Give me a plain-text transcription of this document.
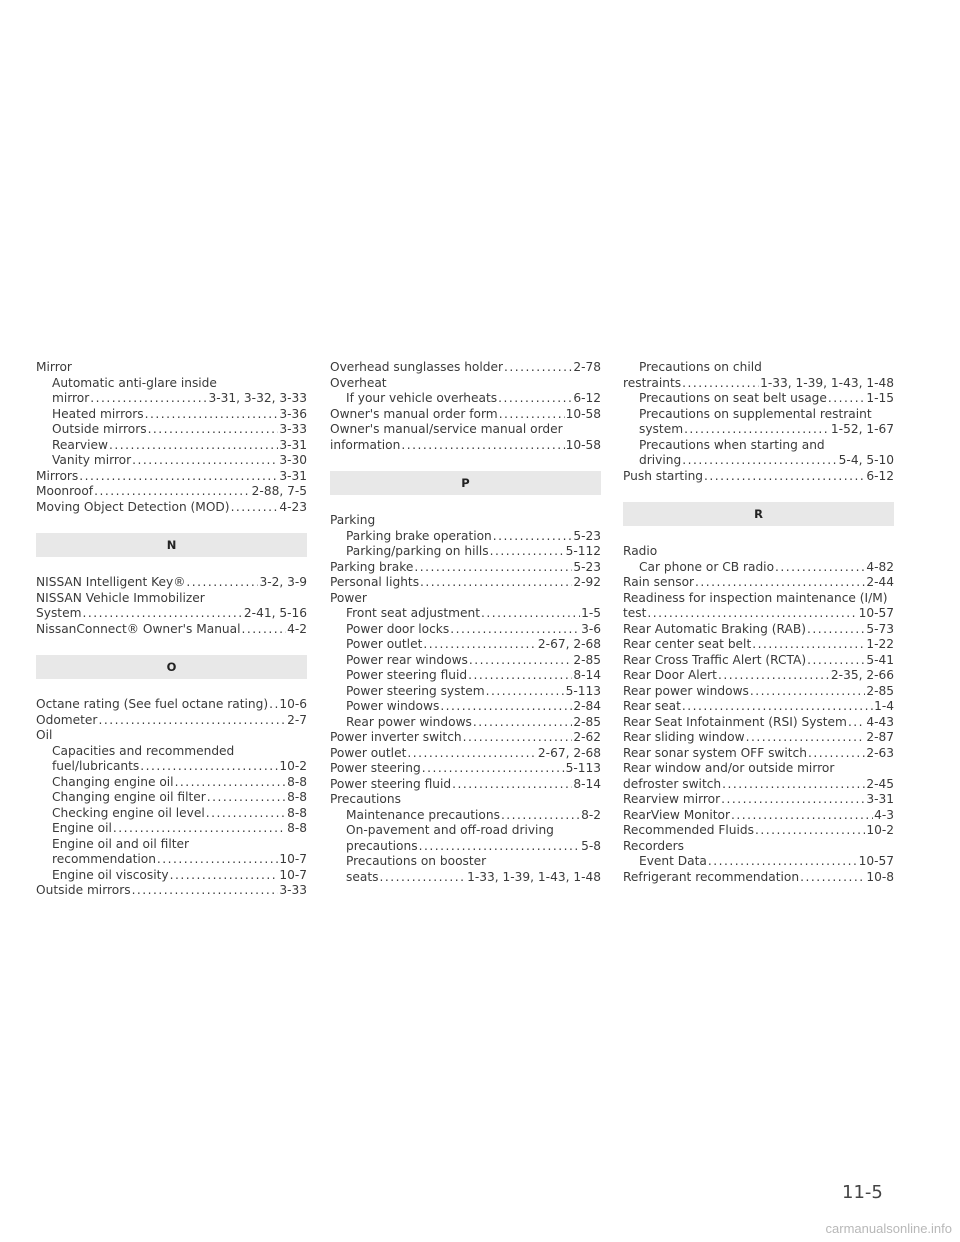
Mirror
Automatic anti-glare inside
mirror .....	3-31, 3-32, 3-33
Heated mirrors .....	3-36
Outside mirrors .....	3-33
Rearview .....	3-31
Vanity mirror .....	3-30
Mirrors .....	3-31
Moonroof .....	2-88, 7-5
Moving Object Detection (MOD) .....	4-23
N
NISSAN Intelligent Key® .....	3-2, 3-9
NISSAN Vehicle Immobilizer
System .....	2-41, 5-16
NissanConnect® Owner's Manual .....	4-2
O
Octane rating (See fuel octane rating) ..... 10-6
Odometer .....	2-7
Oil
Capacities and recommended
fuel/lubricants .....	10-2
Changing engine oil .....	8-8
Changing engine oil filter .....	8-8
Checking engine oil level .....	8-8
Engine oil .....	8-8
Engine oil and oil filter
recommendation .....	10-7
Engine oil viscosity .....	10-7
Outside mirrors .....	3-33
Overhead sunglasses holder .....	2-78
Overheat
If your vehicle overheats .....	6-12
Owner's manual order form .....	10-58
Owner's manual/service manual order
information .....	10-58
P
Parking
Parking brake operation .....	5-23
Parking/parking on hills .....	5-112
Parking brake .....	5-23
Personal lights .....	2-92
Power
Front seat adjustment .....	1-5
Power door locks .....	3-6
Power outlet .....	2-67, 2-68
Power rear windows .....	2-85
Power steering fluid .....	8-14
Power steering system .....	5-113
Power windows .....	2-84
Rear power windows .....	2-85
Power inverter switch .....	2-62
Power outlet .....	2-67, 2-68
Power steering .....	5-113
Power steering fluid .....	8-14
Precautions
Maintenance precautions .....	8-2
On-pavement and off-road driving
precautions .....	5-8
Precautions on booster
seats .....	1-33, 1-39, 1-43, 1-48
Precautions on child
restraints .....	1-33, 1-39, 1-43, 1-48
Precautions on seat belt usage .....	1-15
Precautions on supplemental restraint
system .....	1-52, 1-67
Precautions when starting and
driving .....	5-4, 5-10
Push starting .....	6-12
R
Radio
Car phone or CB radio .....	4-82
Rain sensor .....	2-44
Readiness for inspection maintenance (I/M)
test .....	10-57
Rear Automatic Braking (RAB) .....	5-73
Rear center seat belt .....	1-22
Rear Cross Traffic Alert (RCTA) .....	5-41
Rear Door Alert .....	2-35, 2-66
Rear power windows .....	2-85
Rear seat .....	1-4
Rear Seat Infotainment (RSI) System ..... 4-43
Rear sliding window .....	2-87
Rear sonar system OFF switch .....	2-63
Rear window and/or outside mirror
defroster switch .....	2-45
Rearview mirror .....	3-31
RearView Monitor .....	4-3
Recommended Fluids .....	10-2
Recorders
Event Data .....	10-57
Refrigerant recommendation .....	10-8
11-5
carmanualsonline.info
